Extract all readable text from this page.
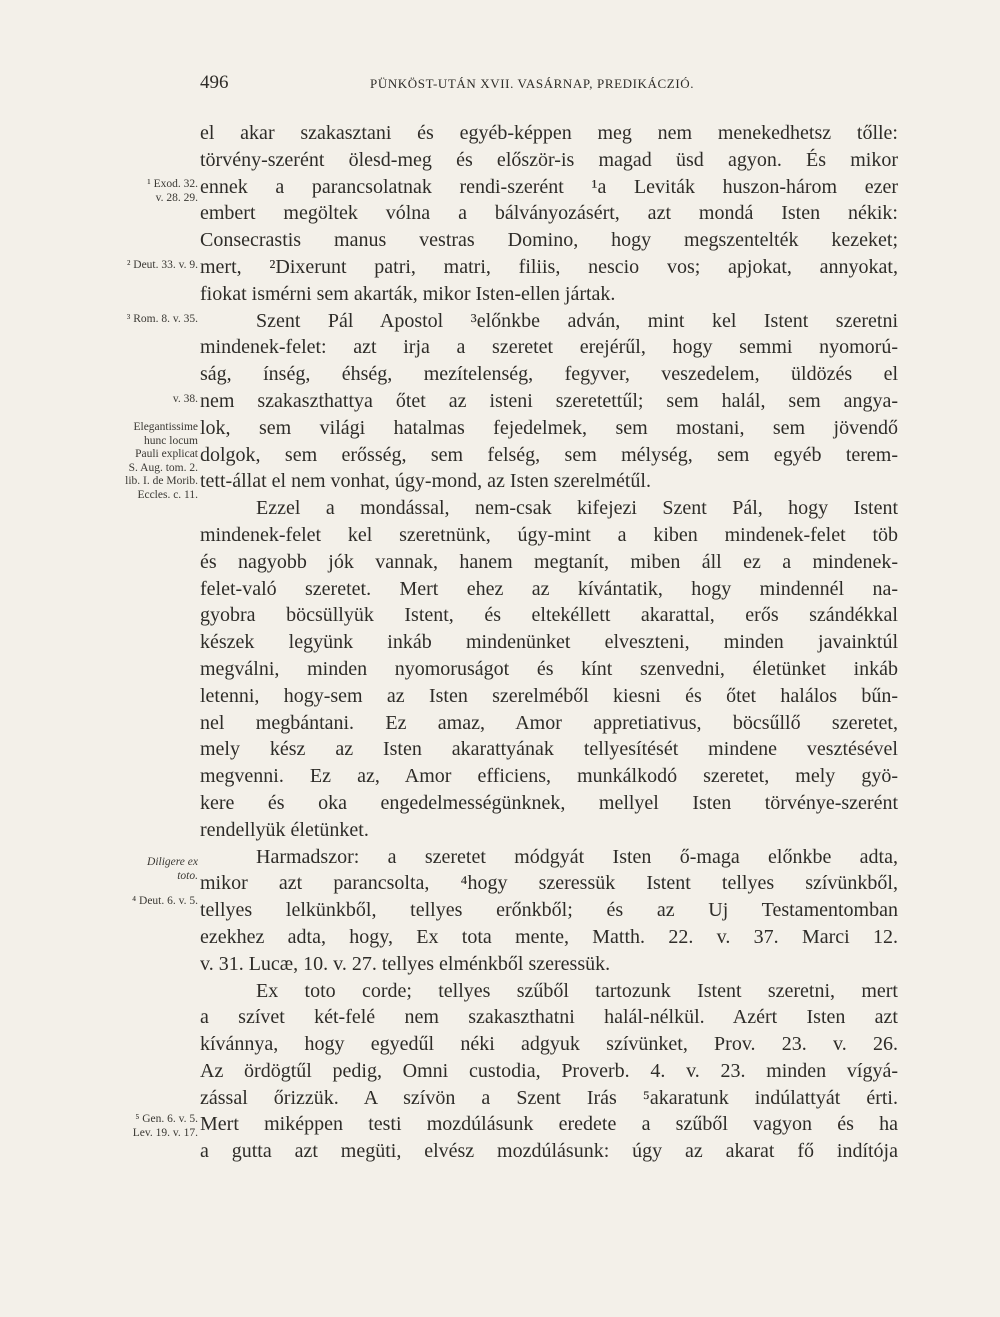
496	PÜNKÖST-UTÁN XVII. VASÁRNAP, PREDIKÁCZIÓ.
¹ Exod. 32.
v. 28. 29.
² Deut. 33. v. 9.
³ Rom. 8. v. 35.
v. 38.
Elegantissime
hunc locum
Pauli explicat
S. Aug. tom. 2.
lib. I. de Morib.
Eccles. c. 11.
Diligere ex
toto.
⁴ Deut. 6. v. 5.
⁵ Gen. 6. v. 5.
Lev. 19. v. 17.
el akar szakasztani és egyéb-képpen meg nem menekedhetsz tőlle:
törvény-szerént ölesd-meg és először-is magad üsd agyon. És mikor
ennek a parancsolatnak rendi-szerént ¹a Leviták huszon-három ezer
embert megöltek vólna a bálványozásért, azt mondá Isten nékik:
Consecrastis manus vestras Domino, hogy megszentelték kezeket;
mert, ²Dixerunt patri, matri, filiis, nescio vos; apjokat, annyokat,
fiokat ismérni sem akarták, mikor Isten-ellen jártak.
Szent Pál Apostol ³előnkbe adván, mint kel Istent szeretni
mindenek-felet: azt irja a szeretet erejérűl, hogy semmi nyomorú-
ság, ínség, éhség, mezítelenség, fegyver, veszedelem, üldözés el
nem szakaszthattya őtet az isteni szeretettűl; sem halál, sem angya-
lok, sem világi hatalmas fejedelmek, sem mostani, sem jövendő
dolgok, sem erősség, sem felség, sem mélység, sem egyéb terem-
tett-állat el nem vonhat, úgy-mond, az Isten szerelmétűl.
Ezzel a mondással, nem-csak kifejezi Szent Pál, hogy Istent
mindenek-felet kel szeretnünk, úgy-mint a kiben mindenek-felet töb
és nagyobb jók vannak, hanem megtanít, miben áll ez a mindenek-
felet-való szeretet. Mert ehez az kívántatik, hogy mindennél na-
gyobra böcsüllyük Istent, és eltekéllett akarattal, erős szándékkal
készek legyünk inkáb mindenünket elveszteni, minden javainktúl
megválni, minden nyomoruságot és kínt szenvedni, életünket inkáb
letenni, hogy-sem az Isten szerelméből kiesni és őtet halálos bűn-
nel megbántani. Ez amaz, Amor appretiativus, böcsűllő szeretet,
mely kész az Isten akarattyának tellyesítését mindene vesztésével
megvenni. Ez az, Amor efficiens, munkálkodó szeretet, mely gyö-
kere és oka engedelmességünknek, mellyel Isten törvénye-szerént
rendellyük életünket.
Harmadszor: a szeretet módgyát Isten ő-maga előnkbe adta,
mikor azt parancsolta, ⁴hogy szeressük Istent tellyes szívünkből,
tellyes lelkünkből, tellyes erőnkből; és az Uj Testamentomban
ezekhez adta, hogy, Ex tota mente, Matth. 22. v. 37. Marci 12.
v. 31. Lucæ, 10. v. 27. tellyes elménkből szeressük.
Ex toto corde; tellyes szűből tartozunk Istent szeretni, mert
a szívet két-felé nem szakaszthatni halál-nélkül. Azért Isten azt
kívánnya, hogy egyedűl néki adgyuk szívünket, Prov. 23. v. 26.
Az ördögtűl pedig, Omni custodia, Proverb. 4. v. 23. minden vígyá-
zással őrizzük. A szívön a Szent Irás ⁵akaratunk indúlattyát érti.
Mert miképpen testi mozdúlásunk eredete a szűből vagyon és ha
a gutta azt megüti, elvész mozdúlásunk: úgy az akarat fő indítója
